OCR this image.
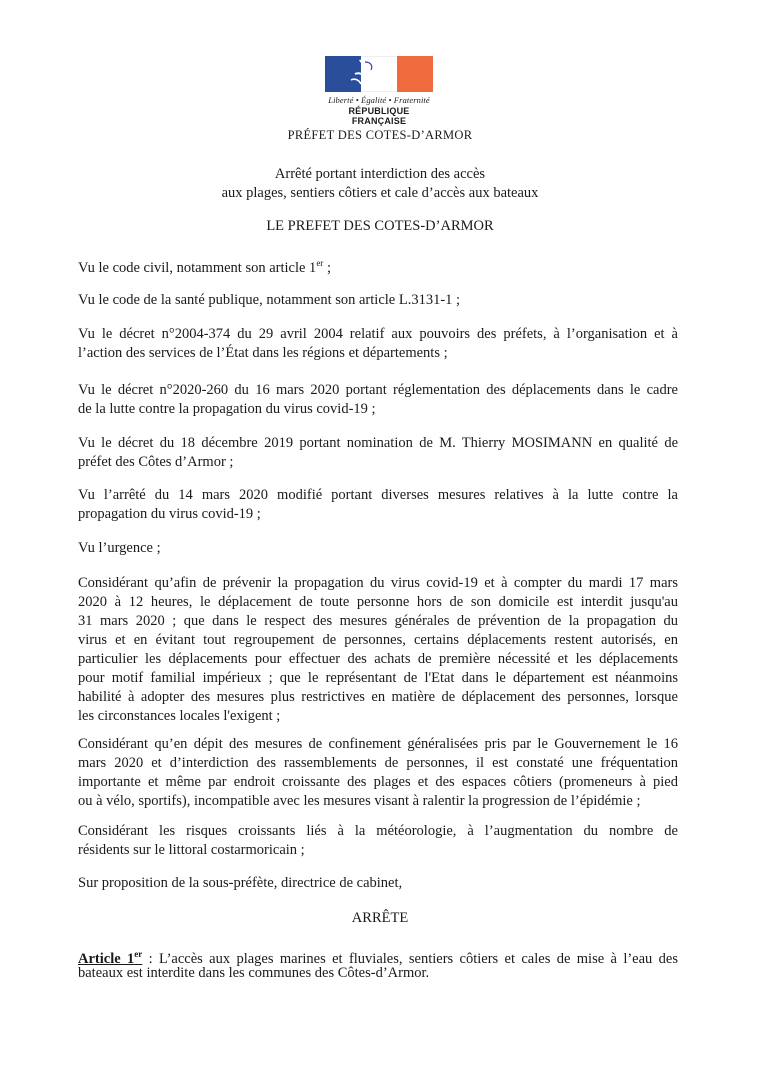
Liberté • Égalité • Fraternité
RÉPUBLIQUE FRANÇAISE
PRÉFET DES COTES-D’ARMOR
Arrêté portant interdiction des accès
aux plages, sentiers côtiers et cale d’accès aux bateaux
LE PREFET DES COTES-D’ARMOR
Vu le code civil, notamment son article 1er ;
Vu le code de la santé publique, notamment son article L.3131-1 ;
Vu le décret n°2004-374 du 29 avril 2004 relatif aux pouvoirs des préfets, à l’organisation et à
l’action des services de l’État dans les régions et départements ;
Vu le décret n°2020-260 du 16 mars 2020 portant réglementation des déplacements dans le cadre
de la lutte contre la propagation du virus covid-19 ;
Vu le décret du 18 décembre 2019 portant nomination de M. Thierry MOSIMANN en qualité de
préfet des Côtes d’Armor ;
Vu l’arrêté du 14 mars 2020 modifié portant diverses mesures relatives à la lutte contre la
propagation du virus covid-19 ;
Vu l’urgence ;
Considérant qu’afin de prévenir la propagation du virus covid-19 et à compter du mardi 17 mars
2020 à 12 heures, le déplacement de toute personne hors de son domicile est interdit jusqu'au
31 mars 2020 ; que dans le respect des mesures générales de prévention de la propagation du
virus et en évitant tout regroupement de personnes, certains déplacements restent autorisés, en
particulier les déplacements pour effectuer des achats de première nécessité et les déplacements
pour motif familial impérieux ; que le représentant de l'Etat dans le département est néanmoins
habilité à adopter des mesures plus restrictives en matière de déplacement des personnes, lorsque
les circonstances locales l'exigent ;
Considérant qu’en dépit des mesures de confinement généralisées pris par le Gouvernement le 16
mars 2020 et d’interdiction des rassemblements de personnes, il est constaté une fréquentation
importante et même par endroit croissante des plages et des espaces côtiers (promeneurs à pied
ou à vélo, sportifs), incompatible avec les mesures visant à ralentir la progression de l’épidémie ;
Considérant les risques croissants liés à la météorologie, à l’augmentation du nombre de
résidents sur le littoral costarmoricain ;
Sur proposition de la sous-préfète, directrice de cabinet,
ARRÊTE
Article 1er : L’accès aux plages marines et fluviales, sentiers côtiers et cales de mise à l’eau des
bateaux est interdite dans les communes des Côtes-d’Armor.
